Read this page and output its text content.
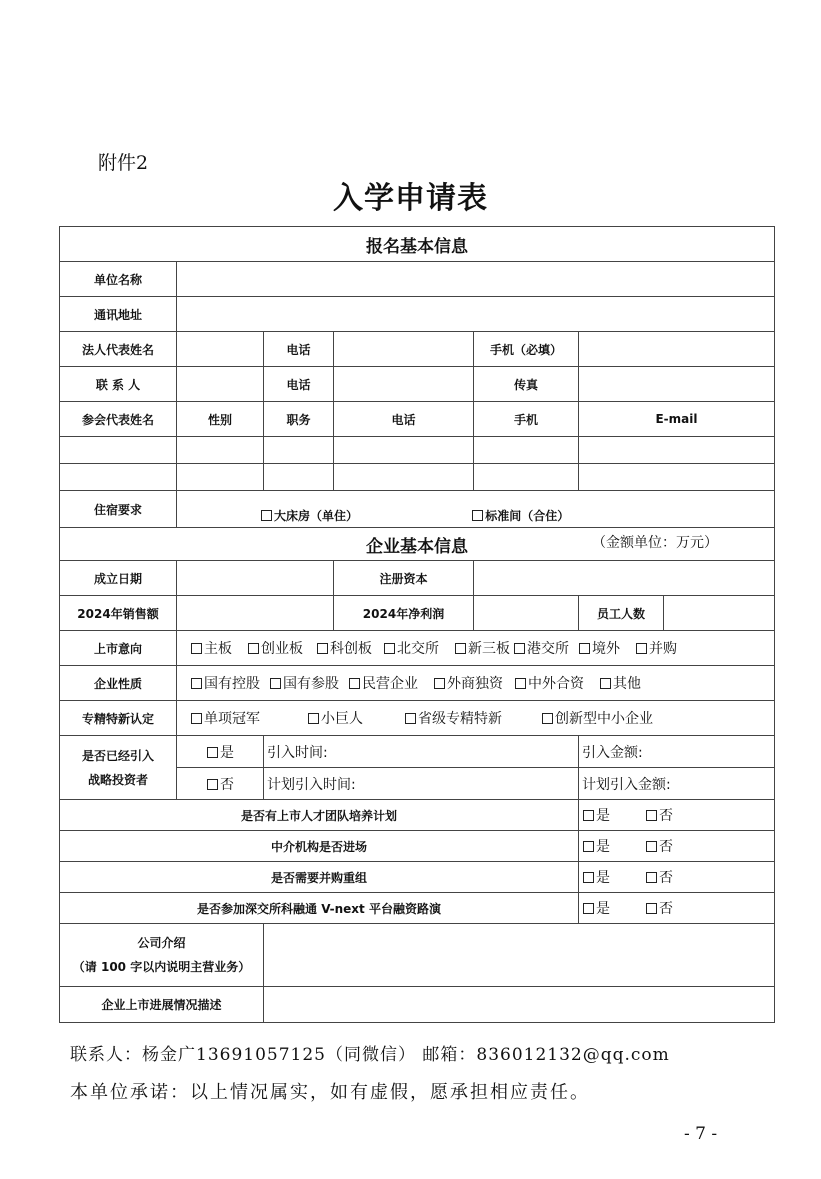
附件2
入学申请表
报名基本信息						
单位名称						
通讯地址						
法人代表姓名		电话		手机（必填）		
联 系 人		电话		传真		
参会代表姓名	性别	职务	电话	手机	E-mail	

住宿要求	大床房（单住） 标准间（合住）					
企业基本信息 （金额单位：万元）						

成立日期			注册资本			
2024年销售额			2024年净利润		员工人数	
上市意向	主板 创业板 科创板 北交所 新三板 港交所 境外 并购					
企业性质	国有控股 国有参股 民营企业 外商独资 中外合资 其他					
专精特新认定	单项冠军 小巨人 省级专精特新 创新型中小企业					

是否已经引入
战略投资者	是	引入时间:			引入金额:	
	否	计划引入时间:			计划引入金额:	
是否有上市人才团队培养计划					是 否	
中介机构是否进场					是 否	
是否需要并购重组					是 否	
是否参加深交所科融通 V-next 平台融资路演					是 否	

公司介绍
（请 100 字以内说明主营业务）						

企业上市进展情况描述						
联系人：杨金广13691057125（同微信） 邮箱：836012132@qq.com
本单位承诺：以上情况属实，如有虚假，愿承担相应责任。
- 7 -
